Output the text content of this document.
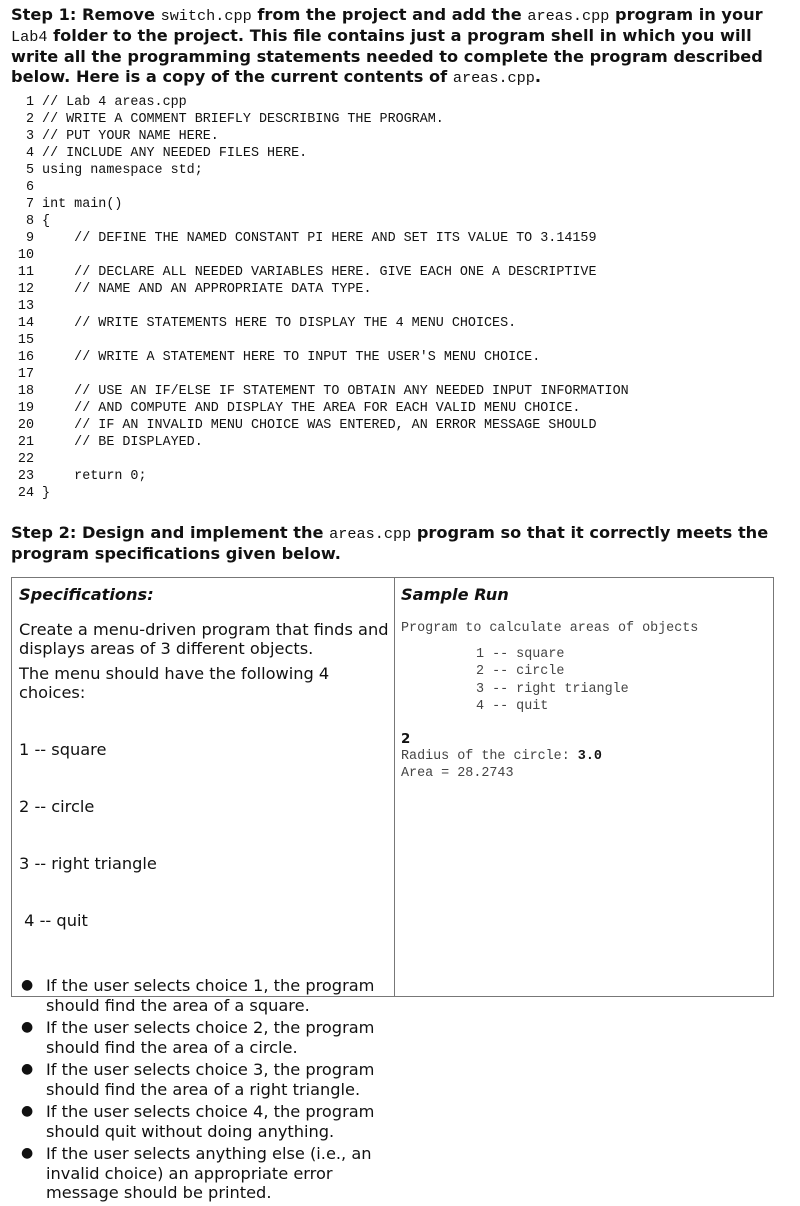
Step 1: Remove switch.cpp from the project and add the areas.cpp program in your Lab4 folder to the project. This file contains just a program shell in which you will write all the programming statements needed to complete the program described below. Here is a copy of the current contents of areas.cpp.

1 // Lab 4 areas.cpp
2 // WRITE A COMMENT BRIEFLY DESCRIBING THE PROGRAM.
3 // PUT YOUR NAME HERE.
4 // INCLUDE ANY NEEDED FILES HERE.
5 using namespace std;
6
7 int main()
8 {
9     // DEFINE THE NAMED CONSTANT PI HERE AND SET ITS VALUE TO 3.14159
10
11     // DECLARE ALL NEEDED VARIABLES HERE. GIVE EACH ONE A DESCRIPTIVE
12     // NAME AND AN APPROPRIATE DATA TYPE.
13
14     // WRITE STATEMENTS HERE TO DISPLAY THE 4 MENU CHOICES.
15
16     // WRITE A STATEMENT HERE TO INPUT THE USER'S MENU CHOICE.
17
18     // USE AN IF/ELSE IF STATEMENT TO OBTAIN ANY NEEDED INPUT INFORMATION
19     // AND COMPUTE AND DISPLAY THE AREA FOR EACH VALID MENU CHOICE.
20     // IF AN INVALID MENU CHOICE WAS ENTERED, AN ERROR MESSAGE SHOULD
21     // BE DISPLAYED.
22
23     return 0;
24 }

Step 2: Design and implement the areas.cpp program so that it correctly meets the program specifications given below.

Specifications:
Create a menu-driven program that finds and displays areas of 3 different objects.
The menu should have the following 4 choices:

1 -- square

2 -- circle

3 -- right triangle

4 -- quit

● If the user selects choice 1, the program should find the area of a square.
● If the user selects choice 2, the program should find the area of a circle.
● If the user selects choice 3, the program should find the area of a right triangle.
● If the user selects choice 4, the program should quit without doing anything.
● If the user selects anything else (i.e., an invalid choice) an appropriate error message should be printed.
Sample Run
Program to calculate areas of objects
1 -- square
2 -- circle
3 -- right triangle
4 -- quit
2
Radius of the circle: 3.0
Area = 28.2743
